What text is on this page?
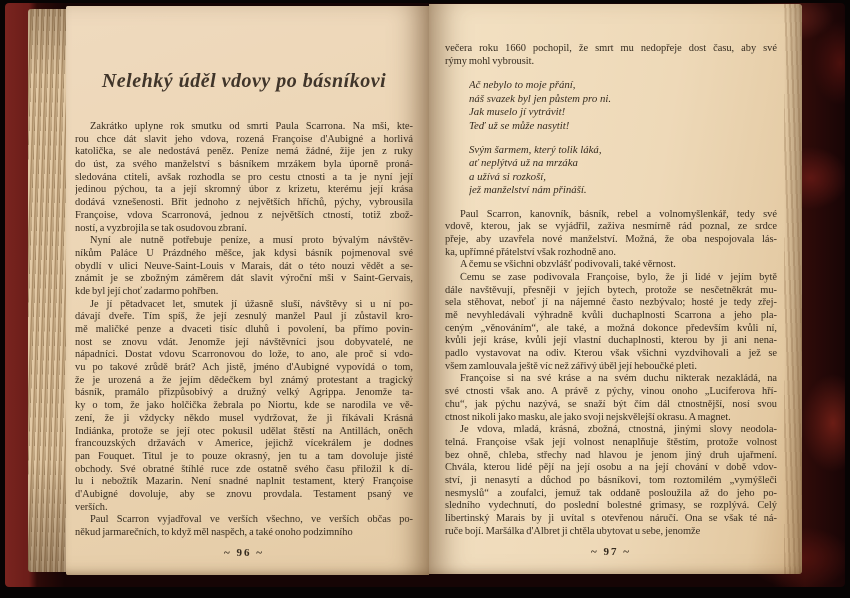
Nelehký úděl vdovy po básníkovi
Zakrátko uplyne rok smutku od smrti Paula Scarrona. Na mši, kte-
rou chce dát slavit jeho vdova, rozená Françoise d'Aubigné a horlivá
katolička, se ale nedostává peněz. Peníze nemá žádné, žije jen z ruky
do úst, za svého manželství s básníkem mrzákem byla úporně proná-
sledována ctiteli, avšak rozhodla se pro cestu ctnosti a ta je nyní její
jedinou pýchou, ta a její skromný úbor z krizetu, kterému její krása
dodává vznešenosti. Břit jednoho z největších hříchů, pýchy, vybrousila
Françoise, vdova Scarronová, jednou z největších ctností, totiž zbož-
ností, a vyzbrojila se tak osudovou zbraní.
Nyní ale nutně potřebuje peníze, a musí proto bývalým návštěv-
níkům Paláce U Prázdného měšce, jak kdysi básník pojmenoval své
obydlí v ulici Neuve-Saint-Louis v Marais, dát o této nouzi vědět a se-
známit je se zbožným záměrem dát slavit výroční mši v Saint-Gervais,
kde byl její choť zadarmo pohřben.
Je jí pětadvacet let, smutek jí úžasně sluší, návštěvy si u ní po-
dávají dveře. Tím spíš, že její zesnulý manžel Paul jí zůstavil kro-
mě maličké penze a dvaceti tisíc dluhů i povolení, ba přímo povin-
nost se znovu vdát. Jenomže její návštěvníci jsou dobyvatelé, ne
nápadníci. Dostat vdovu Scarronovou do lože, to ano, ale proč si vdo-
vu po takové zrůdě brát? Ach jistě, jméno d'Aubigné vypovídá o tom,
že je urozená a že jejím dědečkem byl známý protestant a tragický
básník, pramálo přizpůsobivý a družný velký Agrippa. Jenomže ta-
ky o tom, že jako holčička žebrala po Niortu, kde se narodila ve vě-
zení, že ji vždycky někdo musel vydržovat, že ji říkávali Krásná
Indiánka, protože se její otec pokusil udělat štěstí na Antillách, oněch
francouzských državách v Americe, jejichž vícekrálem je dodnes
pan Fouquet. Titul je to pouze okrasný, jen tu a tam dovoluje jisté
obchody. Své obratné štíhlé ruce zde ostatně svého času přiložil k dí-
lu i nebožtík Mazarin. Není snadné naplnit testament, který Françoise
d'Aubigné dovoluje, aby se znovu provdala. Testament psaný ve
verších.
Paul Scarron vyjadřoval ve verších všechno, ve verších občas po-
někud jarmarečních, to když měl naspěch, a také onoho podzimního
~ 96 ~
večera roku 1660 pochopil, že smrt mu nedopřeje dost času, aby své
rýmy mohl vybrousit.
Ač nebylo to moje přání,
náš svazek byl jen půstem pro ni.
Jak muselo jí vytrávit!
Teď už se může nasytit!
Svým šarmem, který tolik láká,
ať neplýtvá už na mrzáka
a užívá si rozkoší,
jež manželství nám přináší.
Paul Scarron, kanovník, básník, rebel a volnomyšlenkář, tedy své
vdově, kterou, jak se vyjádřil, zaživa nesmírně rád poznal, ze srdce
přeje, aby uzavřela nové manželství. Možná, že oba nespojovala lás-
ka, upřímné přátelství však rozhodně ano.
A čemu se všichni obzvlášť podivovali, také věrnost.
Čemu se zase podivovala Françoise, bylo, že ji lidé v jejím bytě
dále navštěvují, přesněji v jejích bytech, protože se nesčetněkrát mu-
sela stěhovat, neboť jí na nájemné často nezbývalo; hosté je tedy zřej-
mě nevyhledávali výhradně kvůli duchaplnosti Scarrona a jeho pla-
ceným „věnováním“, ale také, a možná dokonce především kvůli ní,
kvůli její kráse, kvůli její vlastní duchaplnosti, kterou by ji ani nena-
padlo vystavovat na odiv. Kterou však všichni vyzdvihovali a jež se
všem zamlouvala ještě víc než zářivý úběl její heboučké pleti.
Françoise si na své kráse a na svém duchu nikterak nezakládá, na
své ctnosti však ano. A právě z pýchy, vinou onoho „Luciferova hří-
chu“, jak pýchu nazývá, se snaží být čím dál ctnostnější, nosí svou
ctnost nikoli jako masku, ale jako svoji nejskvělejší okrasu. A magnet.
Je vdova, mladá, krásná, zbožná, ctnostná, jinými slovy neodola-
telná. Françoise však její volnost nenaplňuje štěstím, protože volnost
bez ohně, chleba, střechy nad hlavou je jenom jiný druh ujařmení.
Chvála, kterou lidé pějí na její osobu a na její chování v době vdov-
ství, ji nenasytí a důchod po básníkovi, tom roztomilém „vymýšleči
nesmyslů“ a zoufalci, jemuž tak oddaně posloužila až do jeho po-
sledního vydechnutí, do poslední bolestné grimasy, se rozplývá. Celý
libertinský Marais by ji uvítal s otevřenou náručí. Ona se však té ná-
ruče bojí. Maršálka d'Albret ji chtěla ubytovat u sebe, jenomže
~ 97 ~
